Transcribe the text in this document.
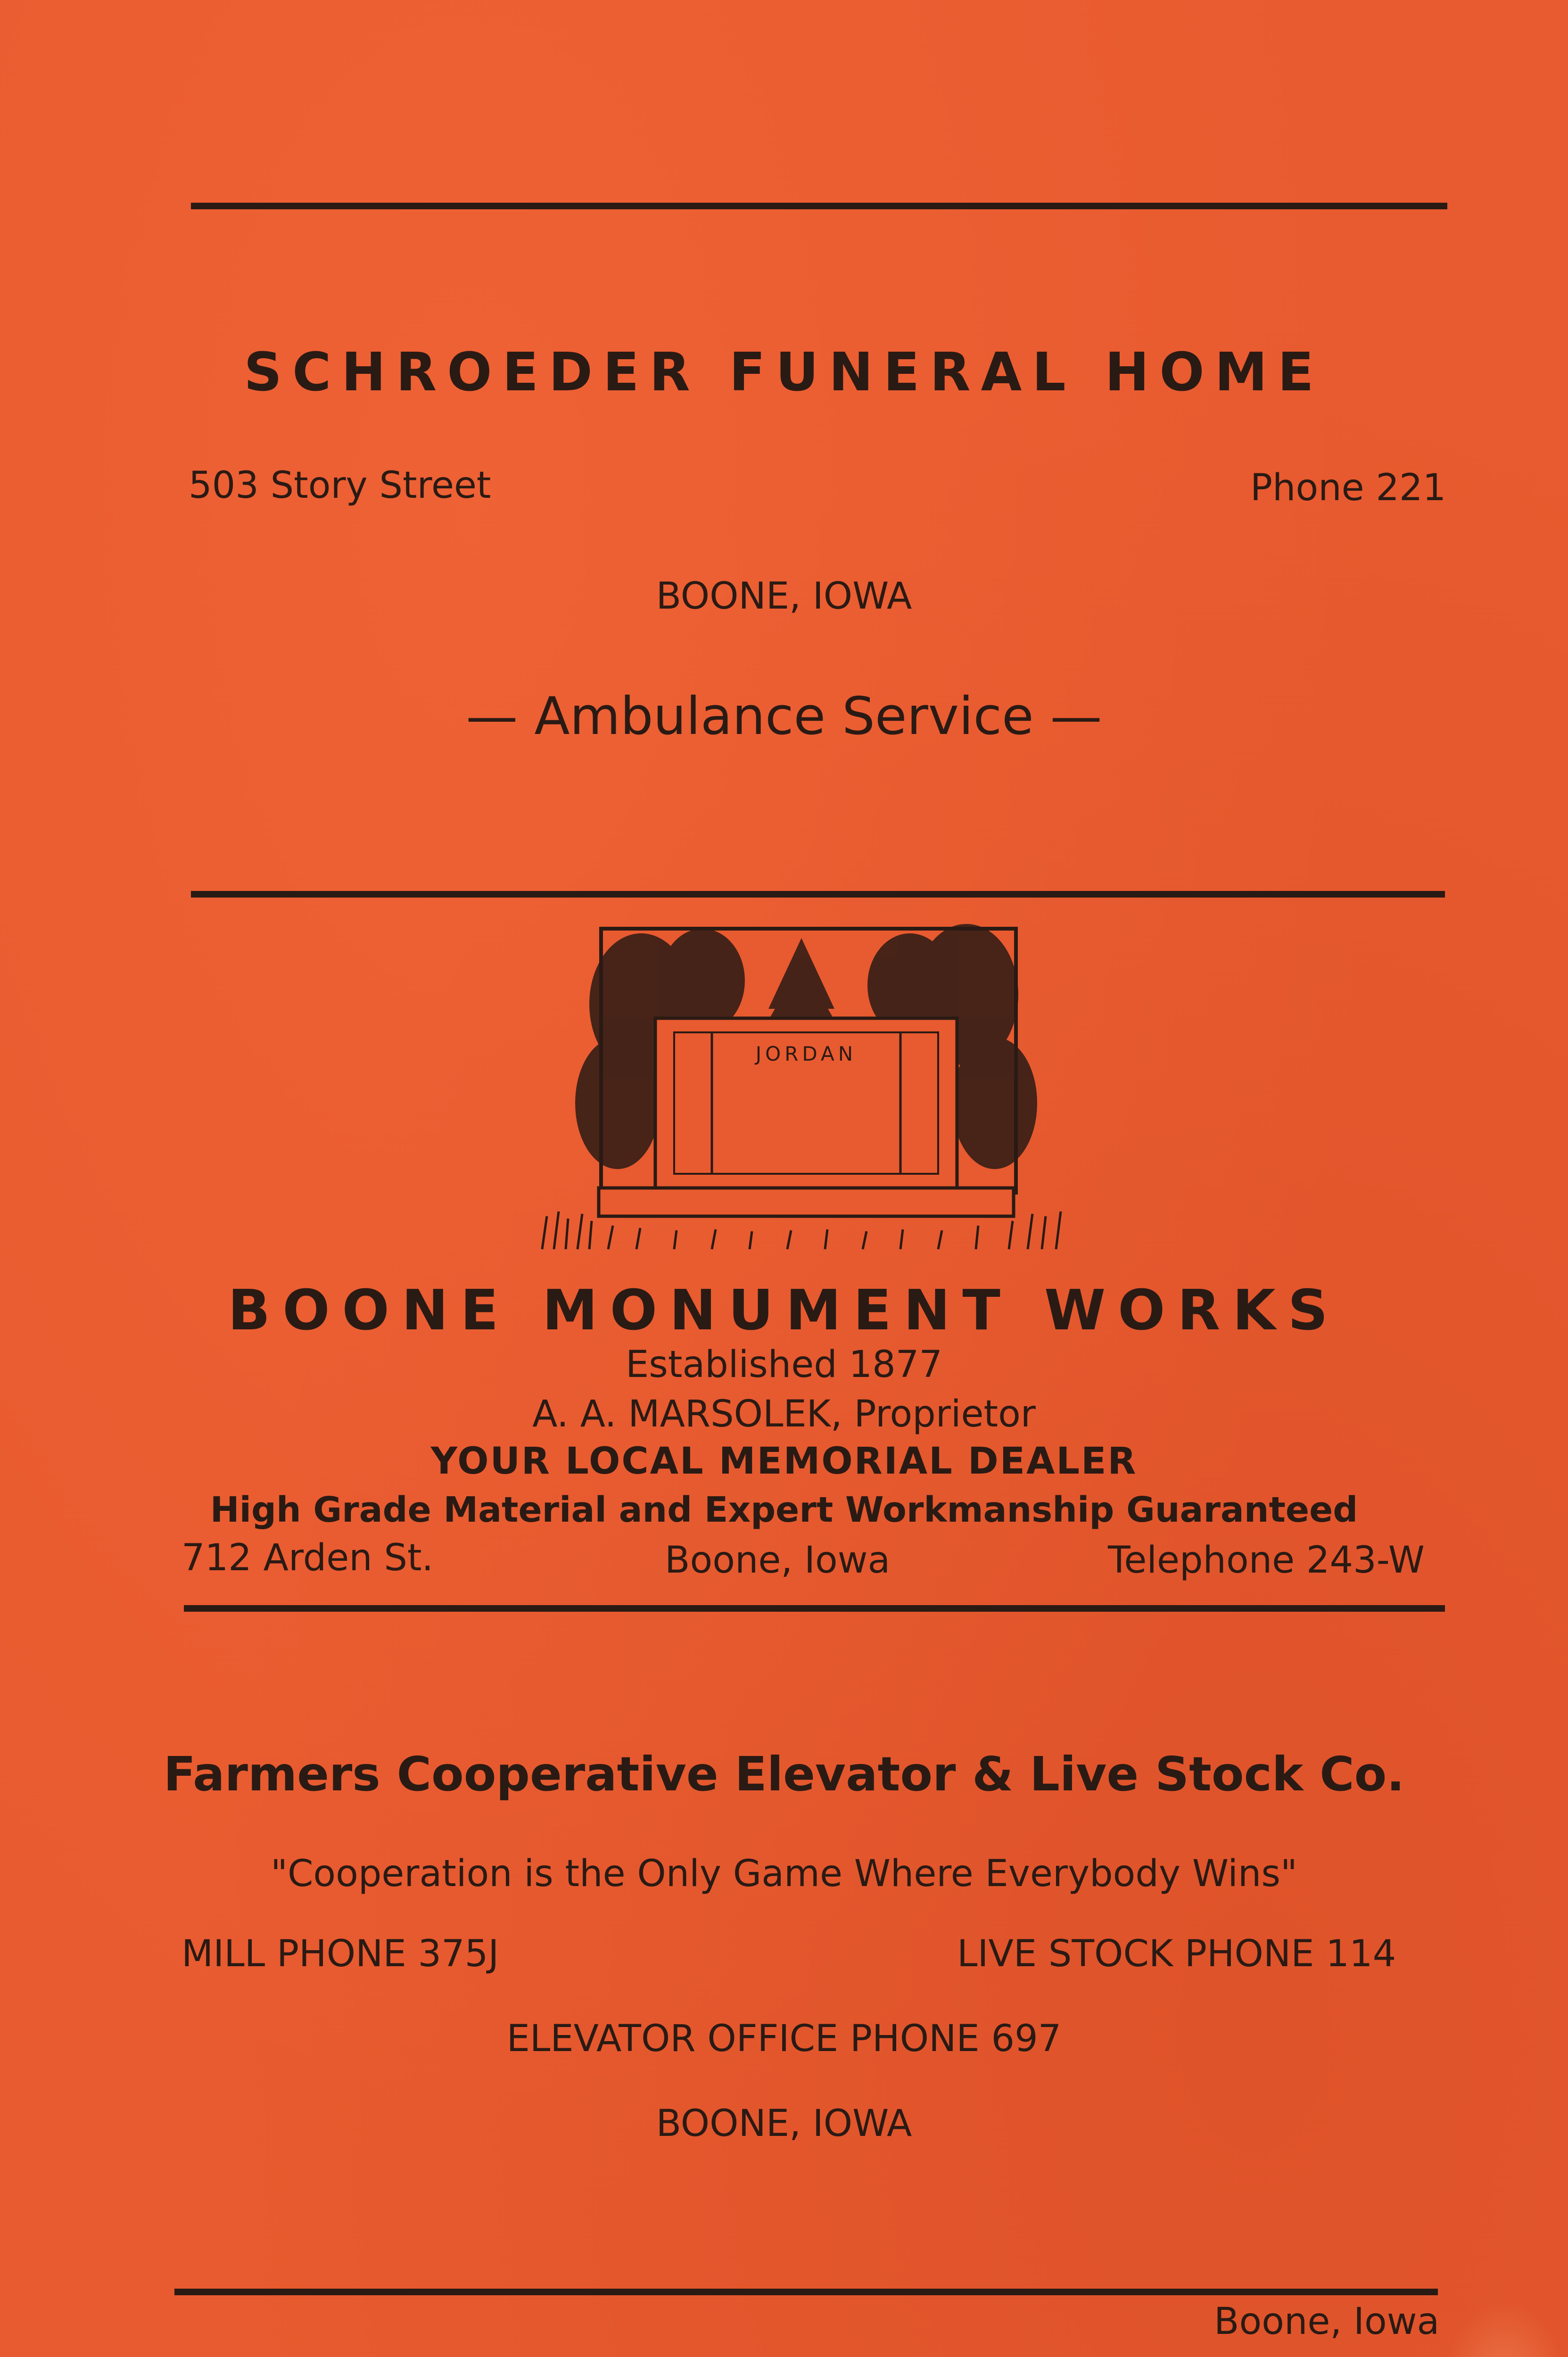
SCHROEDER FUNERAL HOME
503 Story Street	Phone 221
BOONE, IOWA
— Ambulance Service —
JORDAN
BOONE MONUMENT WORKS
Established 1877
A. A. MARSOLEK, Proprietor
YOUR LOCAL MEMORIAL DEALER
High Grade Material and Expert Workmanship Guaranteed
712 Arden St.	Boone, Iowa	Telephone 243-W
Farmers Cooperative Elevator & Live Stock Co.
"Cooperation is the Only Game Where Everybody Wins"
MILL PHONE 375J	LIVE STOCK PHONE 114
ELEVATOR OFFICE PHONE 697
BOONE, IOWA
Boone, Iowa
